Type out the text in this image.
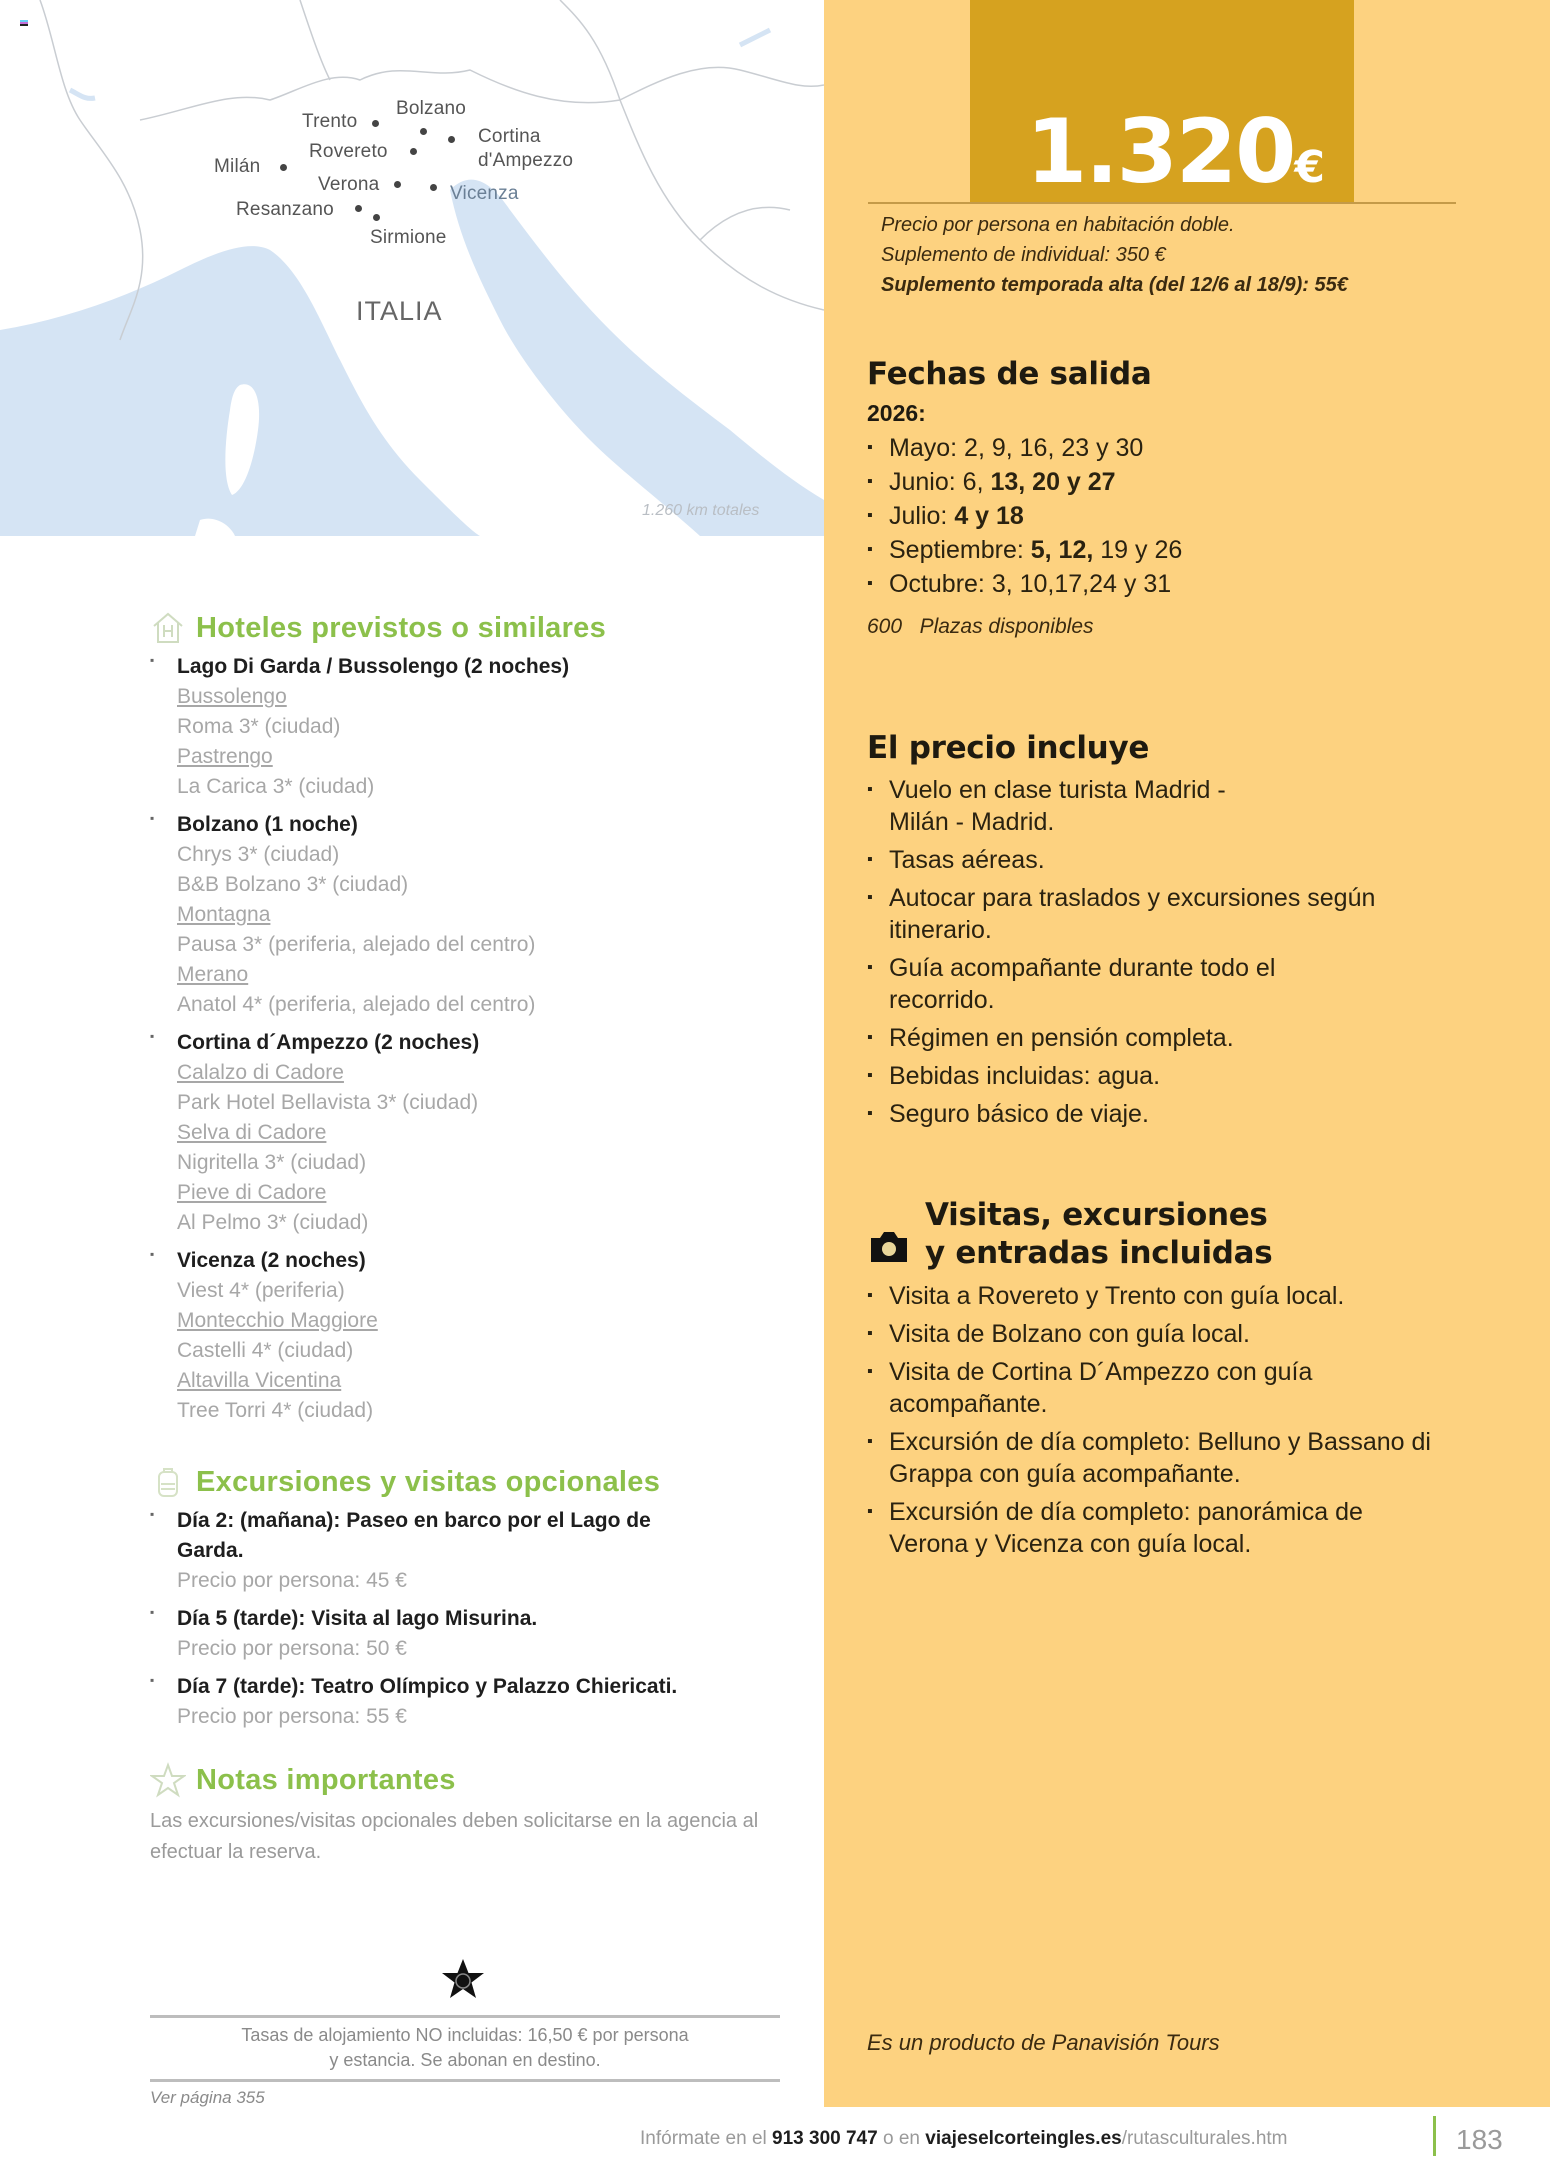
Bolzano
Trento
Cortina
d'Ampezzo
Rovereto
Milán
Verona	Vicenza
Resanzano
Sirmione
ITALIA
1.260 km totales
Hoteles previstos o similares
▪ Lago Di Garda / Bussolengo (2 noches)
Bussolengo
Roma 3* (ciudad)
Pastrengo
La Carica 3* (ciudad)
▪ Bolzano (1 noche)
Chrys 3* (ciudad)
B&B Bolzano 3* (ciudad)
Montagna
Pausa 3* (periferia, alejado del centro)
Merano
Anatol 4* (periferia, alejado del centro)
▪ Cortina d´Ampezzo (2 noches)
Calalzo di Cadore
Park Hotel Bellavista 3* (ciudad)
Selva di Cadore
Nigritella 3* (ciudad)
Pieve di Cadore
Al Pelmo 3* (ciudad)
▪ Vicenza (2 noches)
Viest 4* (periferia)
Montecchio Maggiore
Castelli 4* (ciudad)
Altavilla Vicentina
Tree Torri 4* (ciudad)
Excursiones y visitas opcionales
▪ Día 2: (mañana): Paseo en barco por el Lago de Garda.
Precio por persona: 45 €
▪ Día 5 (tarde): Visita al lago Misurina.
Precio por persona: 50 €
▪ Día 7 (tarde): Teatro Olímpico y Palazzo Chiericati.
Precio por persona: 55 €
Notas importantes

Las excursiones/visitas opcionales deben solicitarse en la agencia al efectuar la reserva.

Tasas de alojamiento NO incluidas: 16,50 € por persona
y estancia. Se abonan en destino.
Ver página 355
1.320€
Precio por persona en habitación doble.
Suplemento de individual: 350 €
Suplemento temporada alta (del 12/6 al 18/9): 55€
Fechas de salida
2026:
▪ Mayo: 2, 9, 16, 23 y 30
▪ Junio: 6, 13, 20 y 27
▪ Julio: 4 y 18
▪ Septiembre: 5, 12, 19 y 26
▪ Octubre: 3, 10,17,24 y 31
600 Plazas disponibles
El precio incluye
▪ Vuelo en clase turista Madrid - Milán - Madrid.
▪ Tasas aéreas.
▪ Autocar para traslados y excursiones según itinerario.
▪ Guía acompañante durante todo el recorrido.
▪ Régimen en pensión completa.
▪ Bebidas incluidas: agua.
▪ Seguro básico de viaje.
Visitas, excursiones
y entradas incluidas
▪ Visita a Rovereto y Trento con guía local.
▪ Visita de Bolzano con guía local.
▪ Visita de Cortina D´Ampezzo con guía acompañante.
▪ Excursión de día completo: Belluno y Bassano di Grappa con guía acompañante.
▪ Excursión de día completo: panorámica de Verona y Vicenza con guía local.
Es un producto de Panavisión Tours
Infórmate en el 913 300 747 o en viajeselcorteingles.es/rutasculturales.htm	183
